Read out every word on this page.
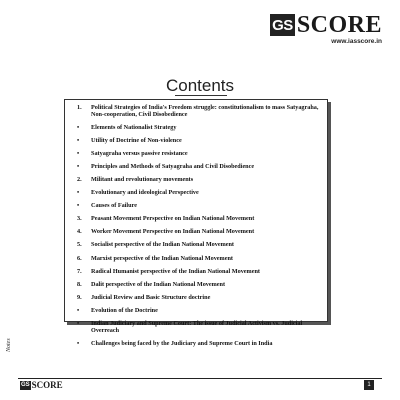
GS SCORE
www.iasscore.in
Contents
1.	Political Strategies of India's Freedom struggle: constitutionalism to mass Satyagraha, Non-cooperation, Civil Disobedience
•	Elements of Nationalist Strategy
•	Utility of Doctrine of Non-violence
•	Satyagraha versus passive resistance
•	Principles and Methods of Satyagraha and Civil Disobedience
2.	Militant and revolutionary movements
•	Evolutionary and ideological Perspective
•	Causes of Failure
3.	Peasant Movement Perspective on Indian National Movement
4.	Worker Movement Perspective on Indian National Movement
5.	Socialist perspective of the Indian National Movement
6.	Marxist perspective of the Indian National Movement
7.	Radical Humanist perspective of the Indian National Movement
8.	Dalit perspective of the Indian National Movement
9.	Judicial Review and Basic Structure doctrine
•	Evolution of the Doctrine
•	Indian Judiciary and Supreme Court: The issue of Judicial Activism vs. Judicial Overreach
•	Challenges being faced by the Judiciary and Supreme Court in India
Notes
GS SCORE	1
